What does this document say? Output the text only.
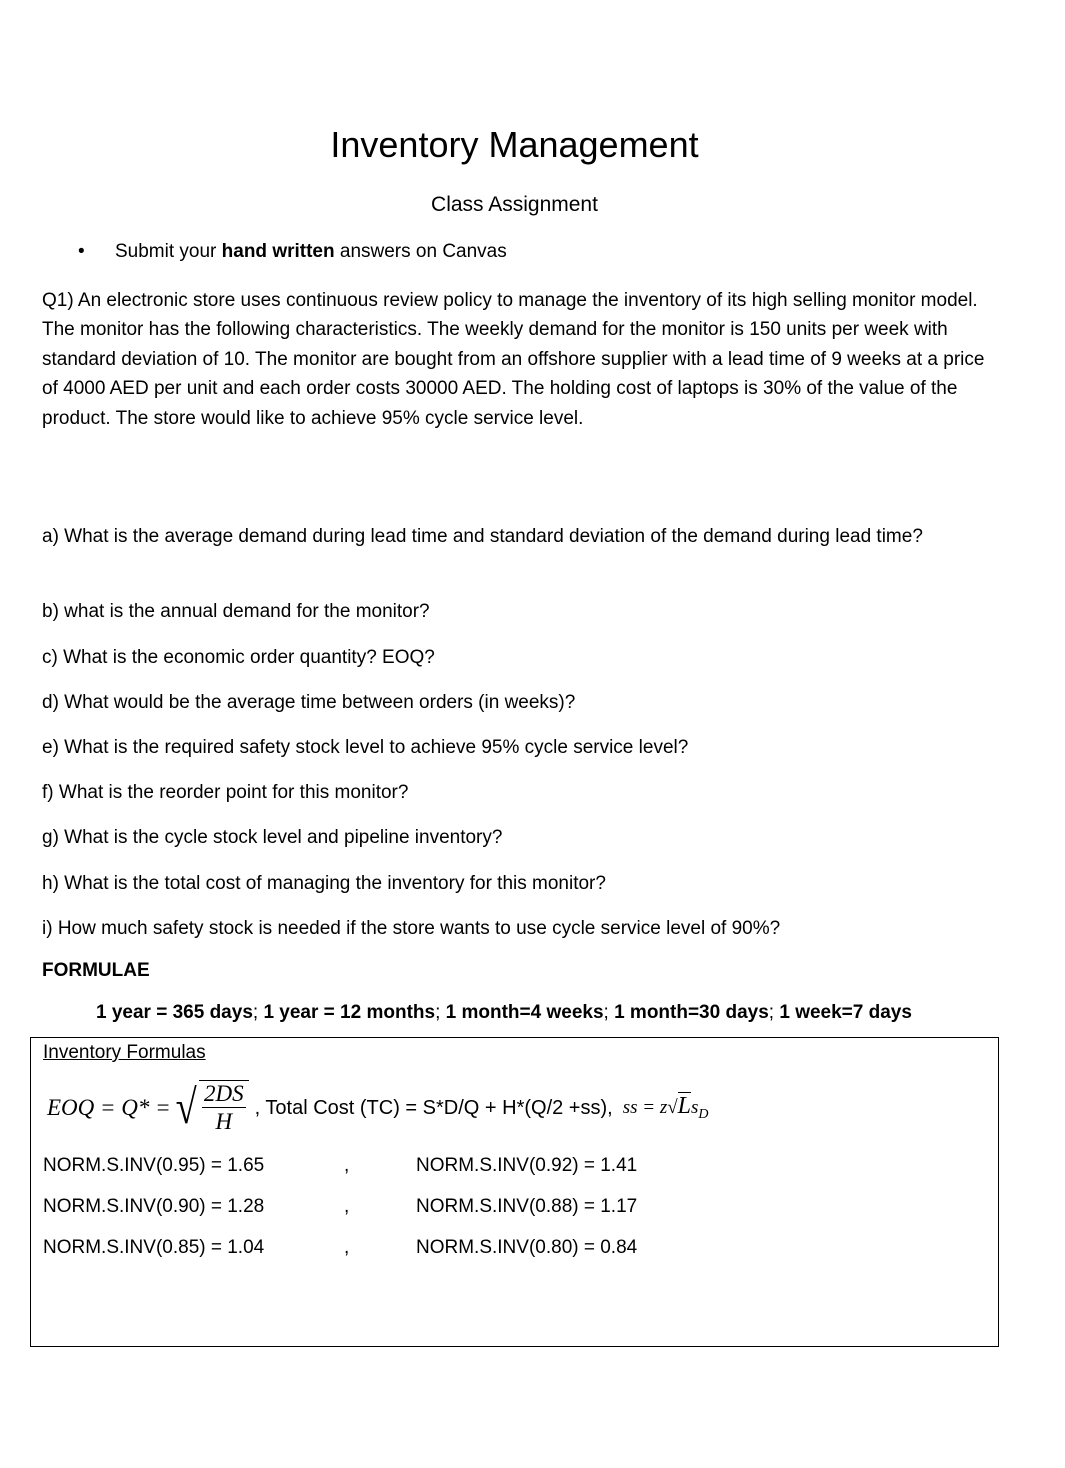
Inventory Management
Class Assignment
• Submit your hand written answers on Canvas
Q1) An electronic store uses continuous review policy to manage the inventory of its high selling monitor model. The monitor has the following characteristics. The weekly demand for the monitor is 150 units per week with standard deviation of 10. The monitor are bought from an offshore supplier with a lead time of 9 weeks at a price of 4000 AED per unit and each order costs 30000 AED. The holding cost of laptops is 30% of the value of the product. The store would like to achieve 95% cycle service level.
a) What is the average demand during lead time and standard deviation of the demand during lead time?
b) what is the annual demand for the monitor?
c) What is the economic order quantity? EOQ?
d) What would be the average time between orders (in weeks)?
e) What is the required safety stock level to achieve 95% cycle service level?
f) What is the reorder point for this monitor?
g) What is the cycle stock level and pipeline inventory?
h) What is the total cost of managing the inventory for this monitor?
i) How much safety stock is needed if the store wants to use cycle service level of 90%?
FORMULAE
1 year = 365 days; 1 year = 12 months; 1 month=4 weeks; 1 month=30 days; 1 week=7 days
Inventory Formulas
EOQ = Q* = √ $\frac{2DS}{H}$ , Total Cost (TC) = S*D/Q + H*(Q/2 +ss), ss = $z√Ls_D$
NORM.S.INV(0.95) = 1.65
NORM.S.INV(0.90) = 1.28
NORM.S.INV(0.85) = 1.04
,
,
,
NORM.S.INV(0.92) = 1.41
NORM.S.INV(0.88) = 1.17
NORM.S.INV(0.80) = 0.84
